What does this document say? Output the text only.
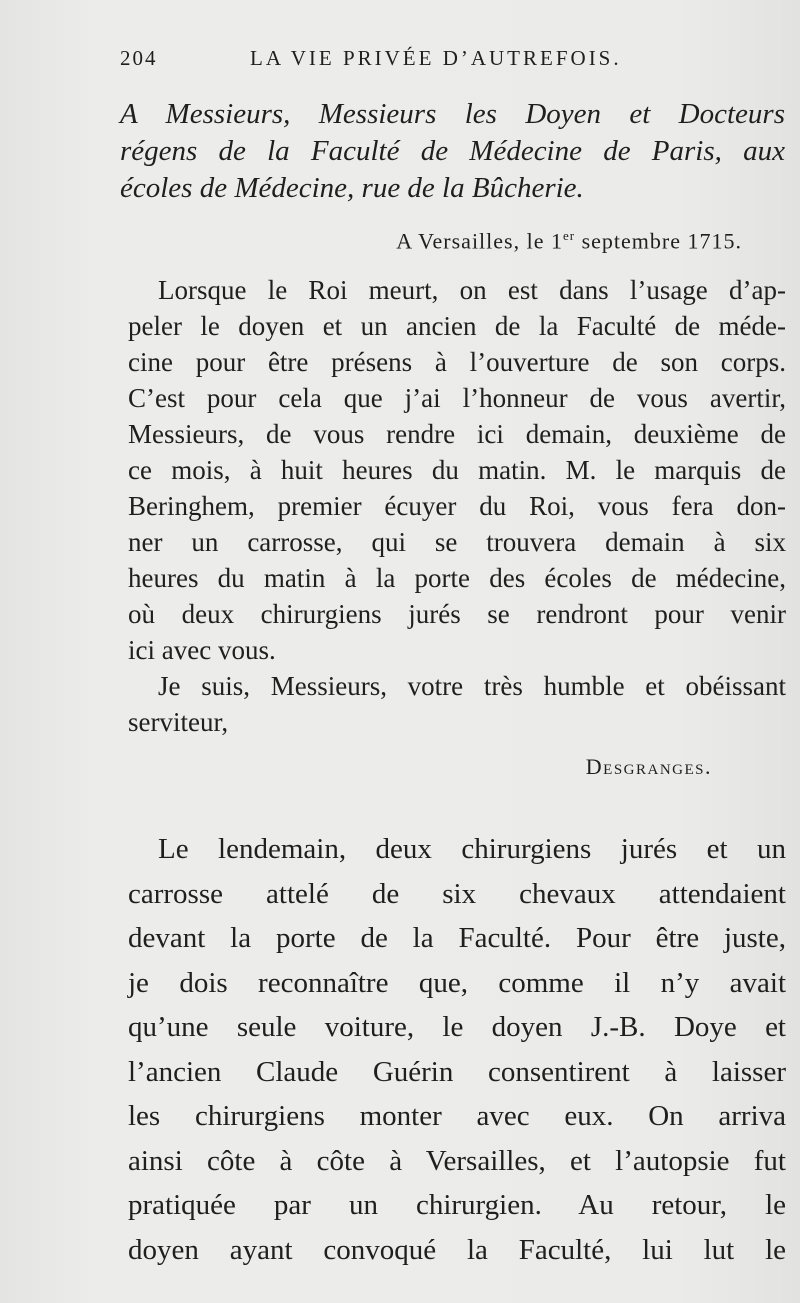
204	LA VIE PRIVÉE D’AUTREFOIS.
A Messieurs, Messieurs les Doyen et Docteurs
régens de la Faculté de Médecine de Paris, aux
écoles de Médecine, rue de la Bûcherie.
A Versailles, le 1er septembre 1715.

Lorsque le Roi meurt, on est dans l’usage d’ap-
peler le doyen et un ancien de la Faculté de méde-
cine pour être présens à l’ouverture de son corps.
C’est pour cela que j’ai l’honneur de vous avertir,
Messieurs, de vous rendre ici demain, deuxième de
ce mois, à huit heures du matin. M. le marquis de
Beringhem, premier écuyer du Roi, vous fera don-
ner un carrosse, qui se trouvera demain à six
heures du matin à la porte des écoles de médecine,
où deux chirurgiens jurés se rendront pour venir
ici avec vous.

Je suis, Messieurs, votre très humble et obéissant
serviteur,

Desgranges.
Le lendemain, deux chirurgiens jurés et un
carrosse attelé de six chevaux attendaient
devant la porte de la Faculté. Pour être juste,
je dois reconnaître que, comme il n’y avait
qu’une seule voiture, le doyen J.-B. Doye et
l’ancien Claude Guérin consentirent à laisser
les chirurgiens monter avec eux. On arriva
ainsi côte à côte à Versailles, et l’autopsie fut
pratiquée par un chirurgien. Au retour, le
doyen ayant convoqué la Faculté, lui lut le
